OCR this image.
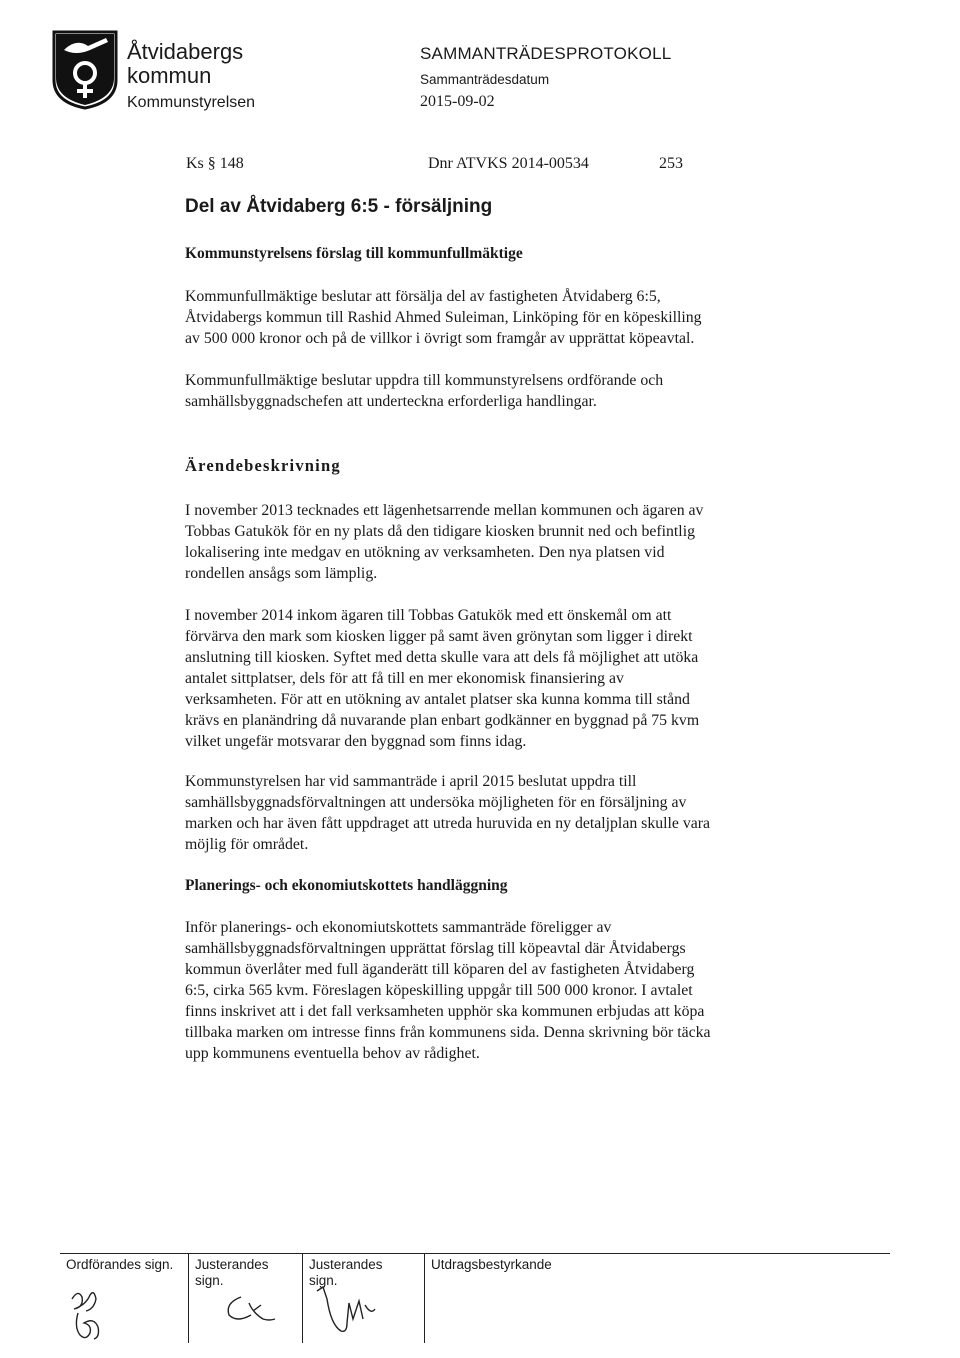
Åtvidabergs
kommun
Kommunstyrelsen
SAMMANTRÄDESPROTOKOLL
Sammanträdesdatum
2015-09-02
Ks § 148	Dnr ATVKS 2014-00534	253
Del av Åtvidaberg 6:5 - försäljning
Kommunstyrelsens förslag till kommunfullmäktige

Kommunfullmäktige beslutar att försälja del av fastigheten Åtvidaberg 6:5,
Åtvidabergs kommun till Rashid Ahmed Suleiman, Linköping för en köpeskilling
av 500 000 kronor och på de villkor i övrigt som framgår av upprättat köpeavtal.

Kommunfullmäktige beslutar uppdra till kommunstyrelsens ordförande och
samhällsbyggnadschefen att underteckna erforderliga handlingar.

Ärendebeskrivning

I november 2013 tecknades ett lägenhetsarrende mellan kommunen och ägaren av
Tobbas Gatukök för en ny plats då den tidigare kiosken brunnit ned och befintlig
lokalisering inte medgav en utökning av verksamheten. Den nya platsen vid
rondellen ansågs som lämplig.

I november 2014 inkom ägaren till Tobbas Gatukök med ett önskemål om att
förvärva den mark som kiosken ligger på samt även grönytan som ligger i direkt
anslutning till kiosken. Syftet med detta skulle vara att dels få möjlighet att utöka
antalet sittplatser, dels för att få till en mer ekonomisk finansiering av
verksamheten. För att en utökning av antalet platser ska kunna komma till stånd
krävs en planändring då nuvarande plan enbart godkänner en byggnad på 75 kvm
vilket ungefär motsvarar den byggnad som finns idag.

Kommunstyrelsen har vid sammanträde i april 2015 beslutat uppdra till
samhällsbyggnadsförvaltningen att undersöka möjligheten för en försäljning av
marken och har även fått uppdraget att utreda huruvida en ny detaljplan skulle vara
möjlig för området.

Planerings- och ekonomiutskottets handläggning

Inför planerings- och ekonomiutskottets sammanträde föreligger av
samhällsbyggnadsförvaltningen upprättat förslag till köpeavtal där Åtvidabergs
kommun överlåter med full äganderätt till köparen del av fastigheten Åtvidaberg
6:5, cirka 565 kvm. Föreslagen köpeskilling uppgår till 500 000 kronor. I avtalet
finns inskrivet att i det fall verksamheten upphör ska kommunen erbjudas att köpa
tillbaka marken om intresse finns från kommunens sida. Denna skrivning bör täcka
upp kommunens eventuella behov av rådighet.

Ordförandes sign.	Justerandes
sign.
Justerandes
sign.
Utdragsbestyrkande
